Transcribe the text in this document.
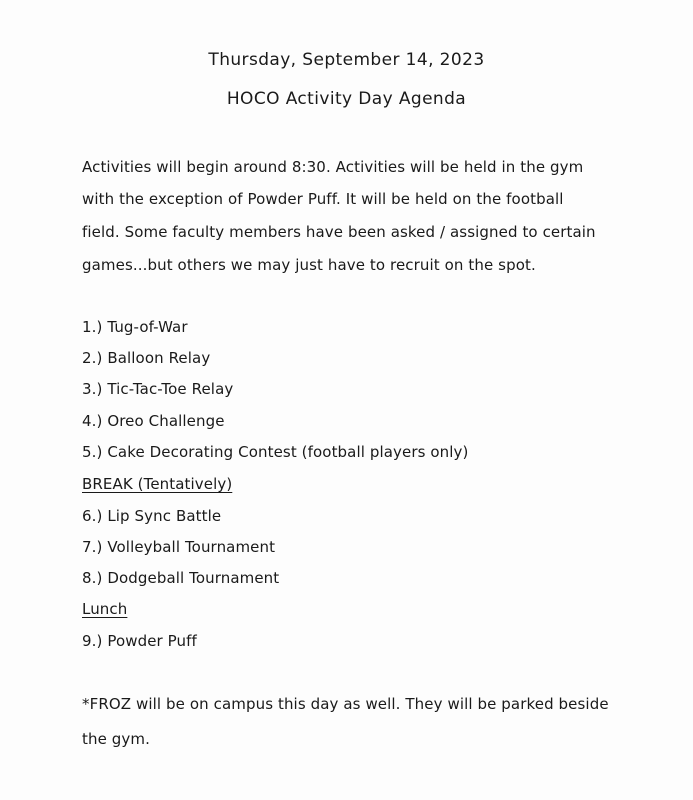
Thursday, September 14, 2023
HOCO Activity Day Agenda
Activities will begin around 8:30. Activities will be held in the gym
with the exception of Powder Puff. It will be held on the football
field. Some faculty members have been asked / assigned to certain
games...but others we may just have to recruit on the spot.
1.) Tug-of-War
2.) Balloon Relay
3.) Tic-Tac-Toe Relay
4.) Oreo Challenge
5.) Cake Decorating Contest (football players only)
BREAK (Tentatively)
6.) Lip Sync Battle
7.) Volleyball Tournament
8.) Dodgeball Tournament
Lunch
9.) Powder Puff
*FROZ will be on campus this day as well. They will be parked beside
the gym.
